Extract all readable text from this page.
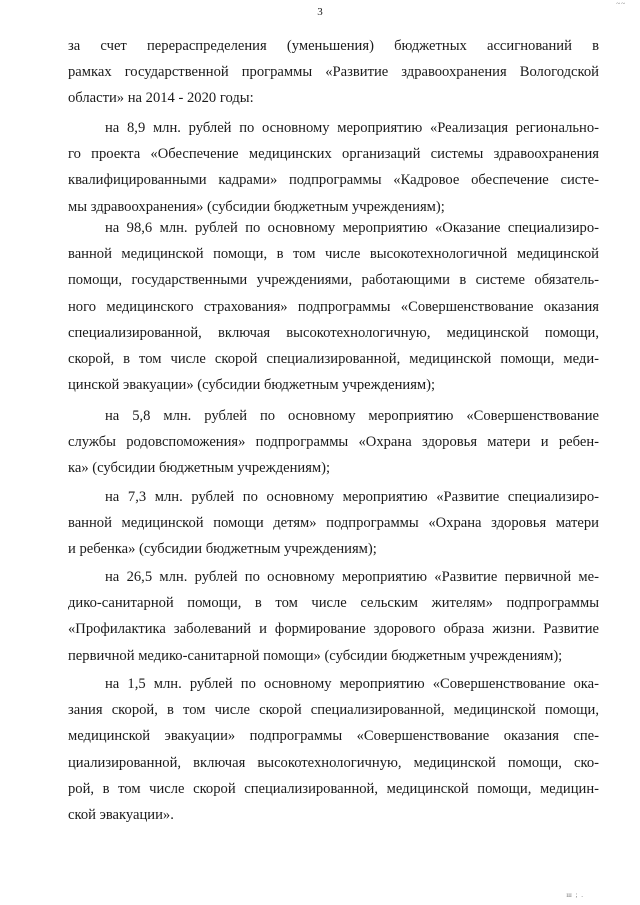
~~
3
за счет перераспределения (уменьшения) бюджетных ассигнований в
рамках государственной программы «Развитие здравоохранения Вологодской
области» на 2014 - 2020 годы:
на 8,9 млн. рублей по основному мероприятию «Реализация регионально-
го проекта «Обеспечение медицинских организаций системы здравоохранения
квалифицированными кадрами» подпрограммы «Кадровое обеспечение систе-
мы здравоохранения» (субсидии бюджетным учреждениям);
на 98,6 млн. рублей по основному мероприятию «Оказание специализиро-
ванной медицинской помощи, в том числе высокотехнологичной медицинской
помощи, государственными учреждениями, работающими в системе обязатель-
ного медицинского страхования» подпрограммы «Совершенствование оказания
специализированной, включая высокотехнологичную, медицинской помощи,
скорой, в том числе скорой специализированной, медицинской помощи, меди-
цинской эвакуации» (субсидии бюджетным учреждениям);
на 5,8 млн. рублей по основному мероприятию «Совершенствование
службы родовспоможения» подпрограммы «Охрана здоровья матери и ребен-
ка» (субсидии бюджетным учреждениям);
на 7,3 млн. рублей по основному мероприятию «Развитие специализиро-
ванной медицинской помощи детям» подпрограммы «Охрана здоровья матери
и ребенка» (субсидии бюджетным учреждениям);
на 26,5 млн. рублей по основному мероприятию «Развитие первичной ме-
дико-санитарной помощи, в том числе сельским жителям» подпрограммы
«Профилактика заболеваний и формирование здорового образа жизни. Развитие
первичной медико-санитарной помощи» (субсидии бюджетным учреждениям);
на 1,5 млн. рублей по основному мероприятию «Совершенствование ока-
зания скорой, в том числе скорой специализированной, медицинской помощи,
медицинской эвакуации» подпрограммы «Совершенствование оказания спе-
циализированной, включая высокотехнологичную, медицинской помощи, ско-
рой, в том числе скорой специализированной, медицинской помощи, медицин-
ской эвакуации».
ш ; .
